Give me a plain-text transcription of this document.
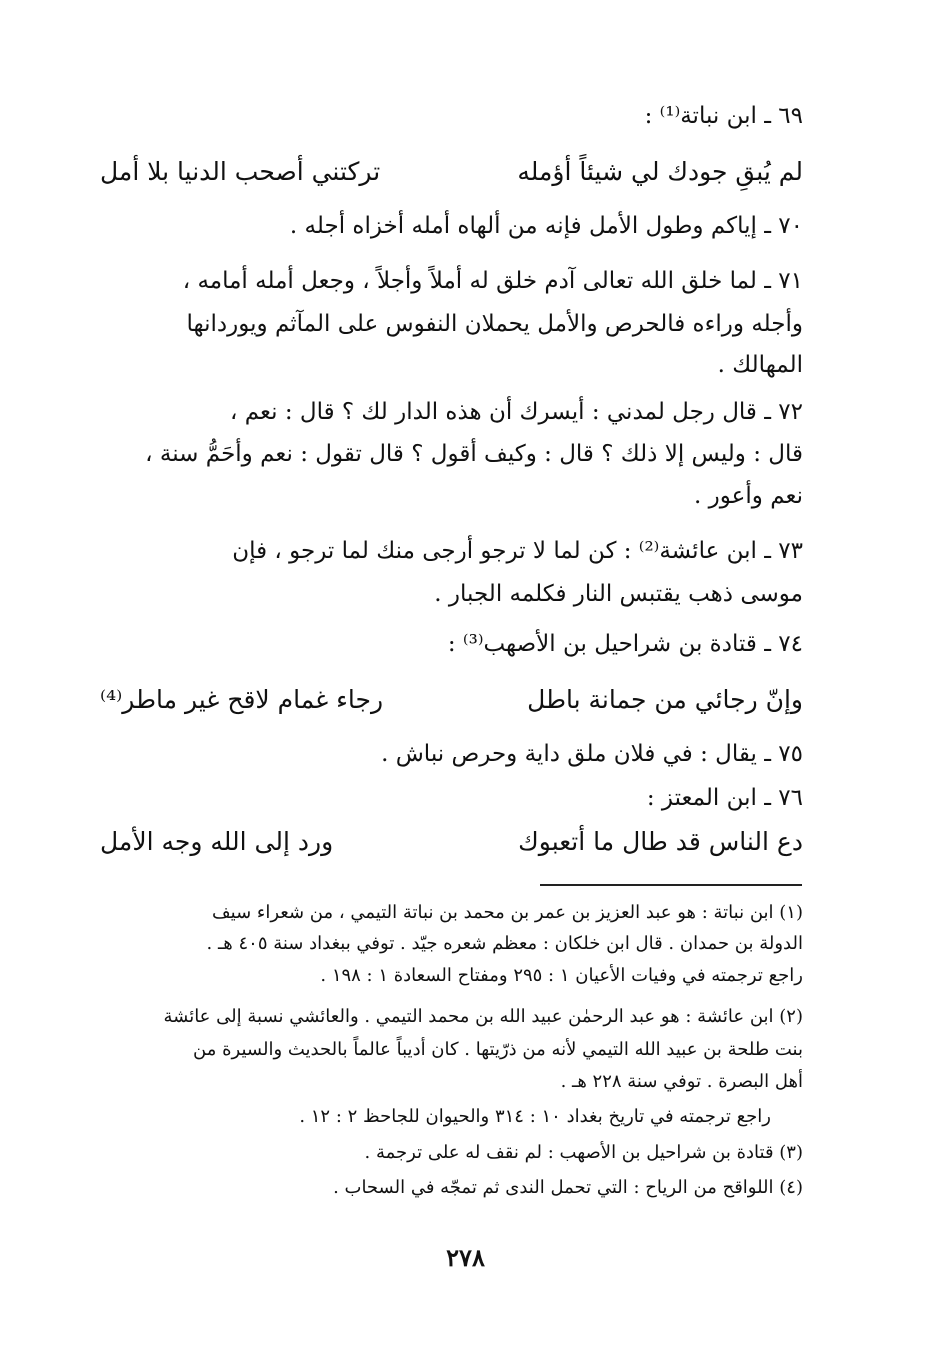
٦٩ ـ ابن نباتة⁽¹⁾ :
لم يُبقِ جودك لي شيئاً أؤمله
تركتني أصحب الدنيا بلا أمل
٧٠ ـ إياكم وطول الأمل فإنه من ألهاه أمله أخزاه أجله .
٧١ ـ لما خلق الله تعالى آدم خلق له أملاً وأجلاً ، وجعل أمله أمامه ،
وأجله وراءه فالحرص والأمل يحملان النفوس على المآثم ويوردانها
المهالك .
٧٢ ـ قال رجل لمدني : أيسرك أن هذه الدار لك ؟ قال : نعم ،
قال : وليس إلا ذلك ؟ قال : وكيف أقول ؟ قال تقول : نعم وأحَمُّ سنة ،
نعم وأعور .
٧٣ ـ ابن عائشة⁽²⁾ : كن لما لا ترجو أرجى منك لما ترجو ، فإن
موسى ذهب يقتبس النار فكلمه الجبار .
٧٤ ـ قتادة بن شراحيل بن الأصهب⁽³⁾ :
وإنّ رجائي من جمانة باطل
رجاء غمام لاقح غير ماطر⁽⁴⁾
٧٥ ـ يقال : في فلان ملق داية وحرص نباش .
٧٦ ـ ابن المعتز :
دع الناس قد طال ما أتعبوك
ورد إلى الله وجه الأمل
(١) ابن نباتة : هو عبد العزيز بن عمر بن محمد بن نباتة التيمي ، من شعراء سيف
الدولة بن حمدان . قال ابن خلكان : معظم شعره جيّد . توفي ببغداد سنة ٤٠٥ هـ .
راجع ترجمته في وفيات الأعيان ١ : ٢٩٥ ومفتاح السعادة ١ : ١٩٨ .
(٢) ابن عائشة : هو عبد الرحمٰن عبيد الله بن محمد التيمي . والعائشي نسبة إلى عائشة
بنت طلحة بن عبيد الله التيمي لأنه من ذرّيتها . كان أديباً عالماً بالحديث والسيرة من
أهل البصرة . توفي سنة ٢٢٨ هـ .
راجع ترجمته في تاريخ بغداد ١٠ : ٣١٤ والحيوان للجاحظ ٢ : ١٢ .
(٣) قتادة بن شراحيل بن الأصهب : لم نقف له على ترجمة .
(٤) اللواقح من الرياح : التي تحمل الندى ثم تمجّه في السحاب .
٢٧٨
